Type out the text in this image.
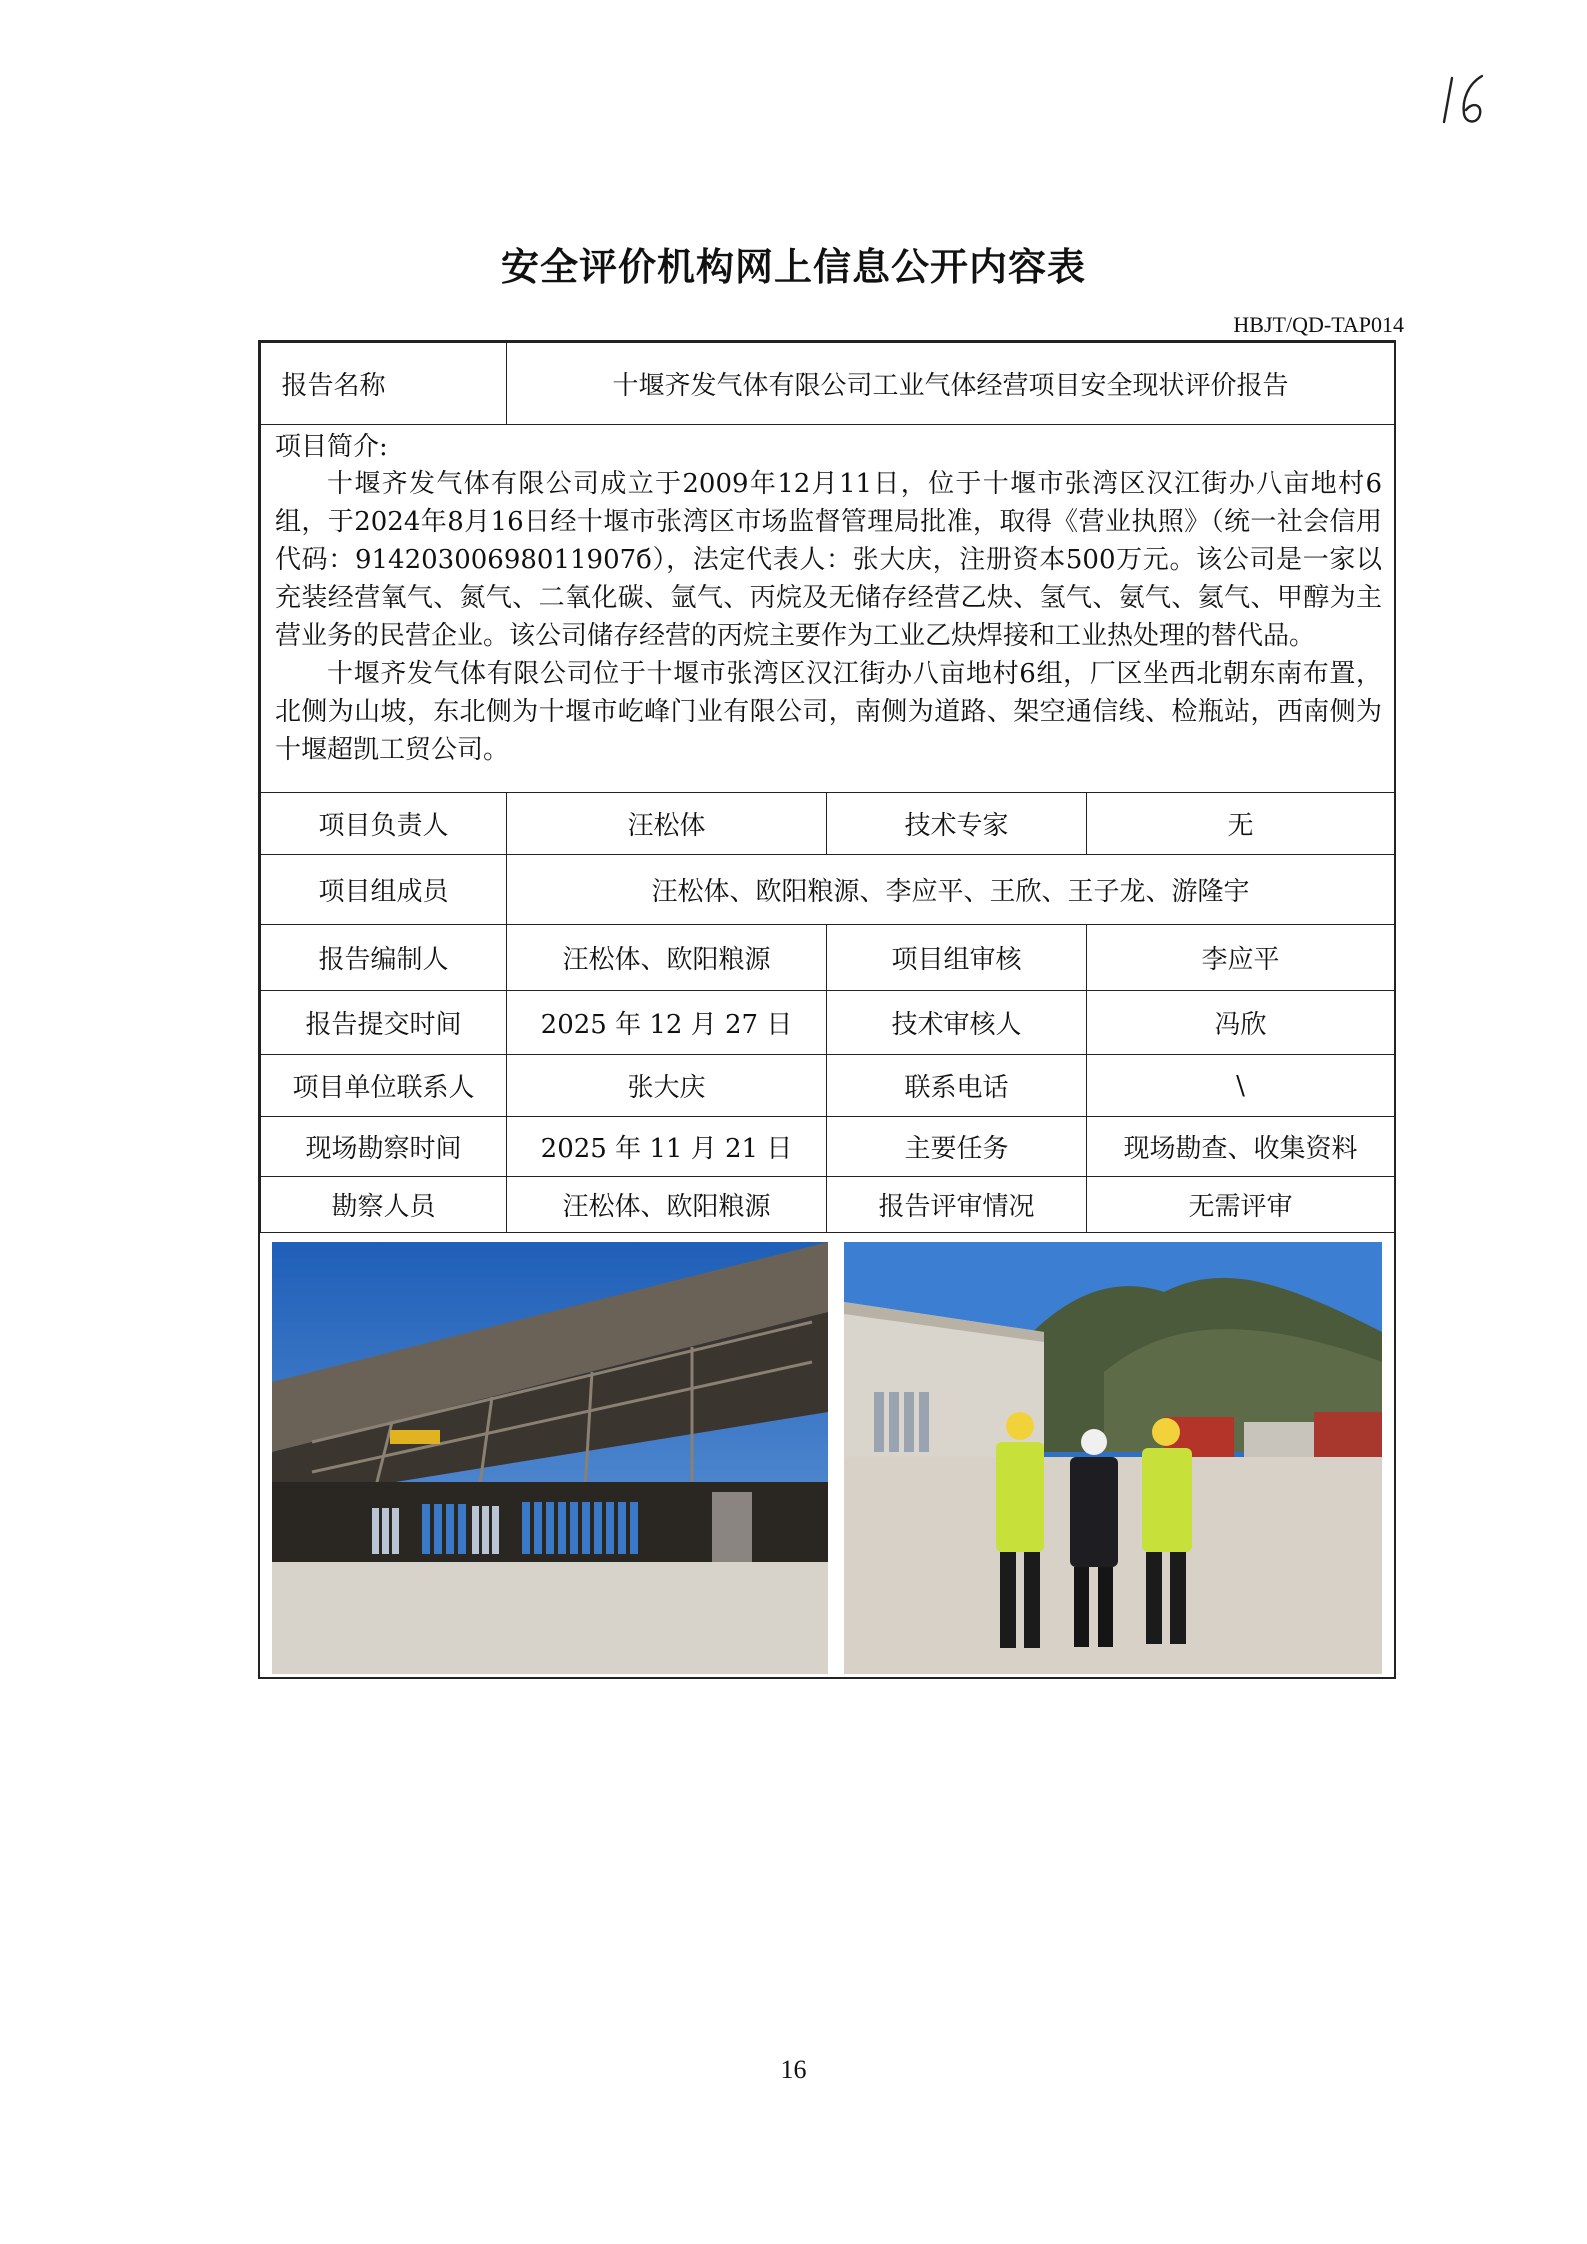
安全评价机构网上信息公开内容表
HBJT/QD-TAP014
报告名称	十堰齐发气体有限公司工业气体经营项目安全现状评价报告		

项目简介:

十堰齐发气体有限公司成立于2009年12月11日，位于十堰市张湾区汉江街办八亩地村6组，于2024年8月16日经十堰市张湾区市场监督管理局批准，取得《营业执照》（统一社会信用代码：91420300698011907б），法定代表人：张大庆，注册资本500万元。该公司是一家以充装经营氧气、氮气、二氧化碳、氩气、丙烷及无储存经营乙炔、氢气、氨气、氦气、甲醇为主营业务的民营企业。该公司储存经营的丙烷主要作为工业乙炔焊接和工业热处理的替代品。

十堰齐发气体有限公司位于十堰市张湾区汉江街办八亩地村6组，厂区坐西北朝东南布置，北侧为山坡，东北侧为十堰市屹峰门业有限公司，南侧为道路、架空通信线、检瓶站，西南侧为十堰超凯工贸公司。			

项目负责人	汪松体	技术专家	无
项目组成员	汪松体、欧阳粮源、李应平、王欣、王子龙、游隆宇		
报告编制人	汪松体、欧阳粮源	项目组审核	李应平
报告提交时间	2025 年 12 月 27 日	技术审核人	冯欣
项目单位联系人	张大庆	联系电话	\
现场勘察时间	2025 年 11 月 21 日	主要任务	现场勘查、收集资料
勘察人员	汪松体、欧阳粮源	报告评审情况	无需评审
16
